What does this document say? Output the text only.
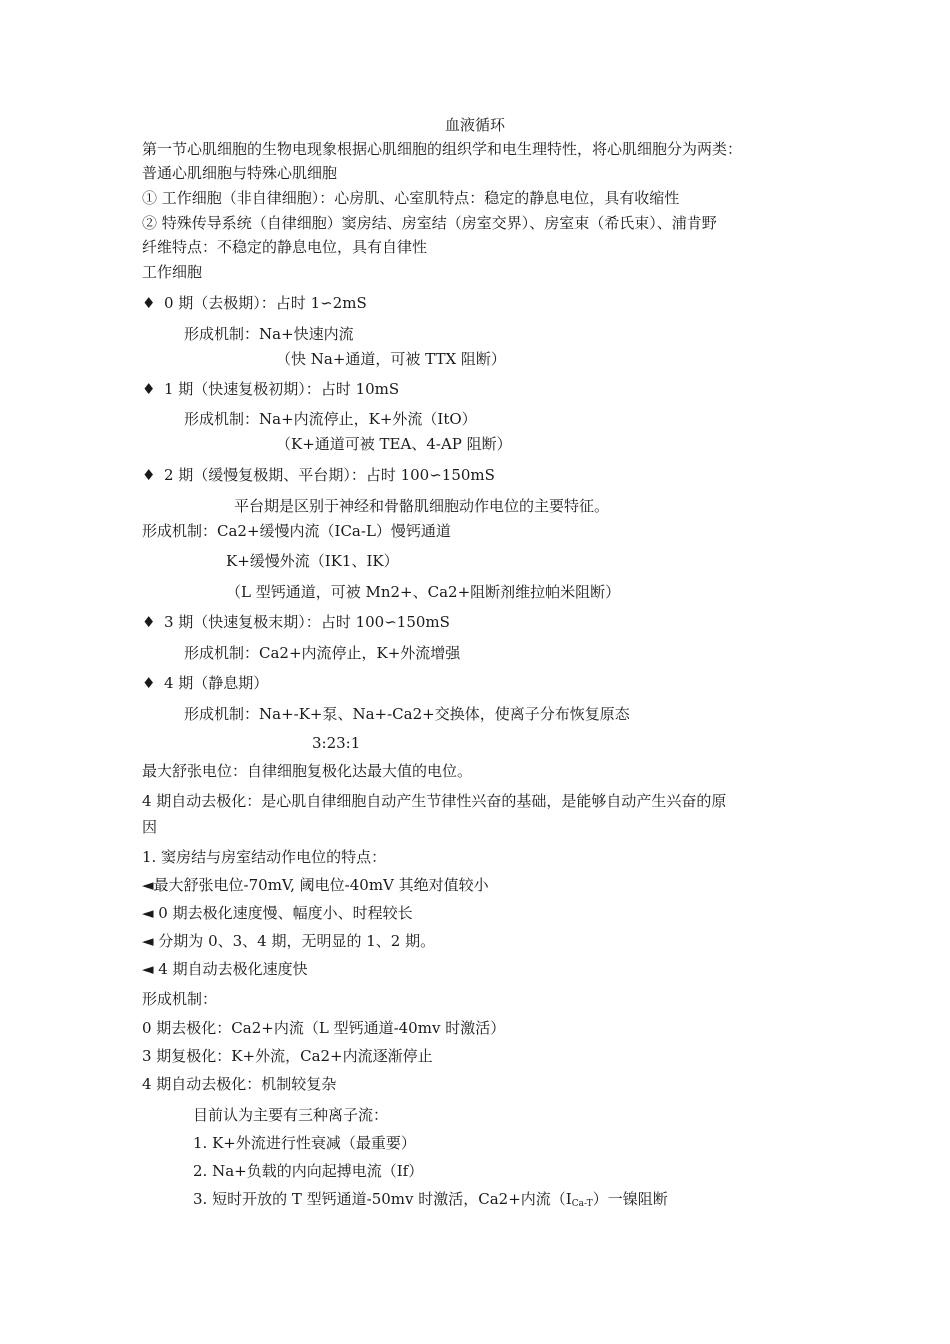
血液循环
第一节心肌细胞的生物电现象根据心肌细胞的组织学和电生理特性，将心肌细胞分为两类：
普通心肌细胞与特殊心肌细胞
① 工作细胞（非自律细胞）：心房肌、心室肌特点：稳定的静息电位，具有收缩性
② 特殊传导系统（自律细胞）窦房结、房室结（房室交界）、房室束（希氏束）、浦肯野
纤维特点：不稳定的静息电位，具有自律性
工作细胞
♦ 0 期（去极期）：占时 1∽2mS
形成机制：Na+快速内流
（快 Na+通道，可被 TTX 阻断）
♦ 1 期（快速复极初期）：占时 10mS
形成机制：Na+内流停止，K+外流（ItO）
（K+通道可被 TEA、4-AP 阻断）
♦ 2 期（缓慢复极期、平台期）：占时 100∽150mS
平台期是区别于神经和骨骼肌细胞动作电位的主要特征。
形成机制：Ca2+缓慢内流（ICa-L）慢钙通道
K+缓慢外流（IK1、IK）
（L 型钙通道，可被 Mn2+、Ca2+阻断剂维拉帕米阻断）
♦ 3 期（快速复极末期）：占时 100∽150mS
形成机制：Ca2+内流停止，K+外流增强
♦ 4 期（静息期）
形成机制：Na+-K+泵、Na+-Ca2+交换体，使离子分布恢复原态
3:23:1
最大舒张电位：自律细胞复极化达最大值的电位。
4 期自动去极化：是心肌自律细胞自动产生节律性兴奋的基础，是能够自动产生兴奋的原
因
1. 窦房结与房室结动作电位的特点：
◄最大舒张电位-70mV, 阈电位-40mV 其绝对值较小
◄ 0 期去极化速度慢、幅度小、时程较长
◄ 分期为 0、3、4 期，无明显的 1、2 期。
◄ 4 期自动去极化速度快
形成机制：
0 期去极化：Ca2+内流（L 型钙通道-40mv 时激活）
3 期复极化：K+外流，Ca2+内流逐渐停止
4 期自动去极化：机制较复杂
目前认为主要有三种离子流：
1. K+外流进行性衰减（最重要）
2. Na+负载的内向起搏电流（If）
3. 短时开放的 T 型钙通道-50mv 时激活，Ca2+内流$(I_{Ca-T})$一镍阻断
